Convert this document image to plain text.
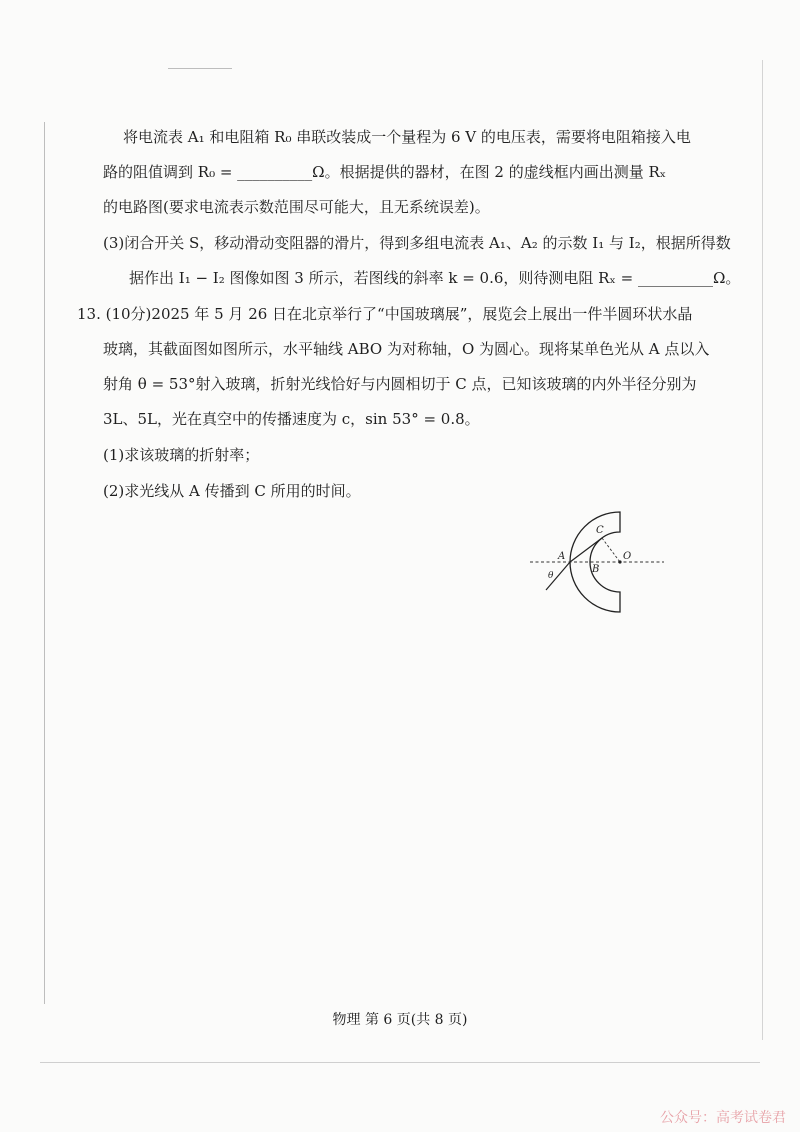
将电流表 A₁ 和电阻箱 R₀ 串联改装成一个量程为 6 V 的电压表，需要将电阻箱接入电
路的阻值调到 R₀ = __________Ω。根据提供的器材，在图 2 的虚线框内画出测量 Rₓ
的电路图(要求电流表示数范围尽可能大，且无系统误差)。
(3)闭合开关 S，移动滑动变阻器的滑片，得到多组电流表 A₁、A₂ 的示数 I₁ 与 I₂，根据所得数
据作出 I₁ − I₂ 图像如图 3 所示，若图线的斜率 k = 0.6，则待测电阻 Rₓ = __________Ω。
13. (10分)2025 年 5 月 26 日在北京举行了“中国玻璃展”，展览会上展出一件半圆环状水晶
玻璃，其截面图如图所示，水平轴线 ABO 为对称轴，O 为圆心。现将某单色光从 A 点以入
射角 θ = 53°射入玻璃，折射光线恰好与内圆相切于 C 点，已知该玻璃的内外半径分别为
3L、5L，光在真空中的传播速度为 c，sin 53° = 0.8。
(1)求该玻璃的折射率；
(2)求光线从 A 传播到 C 所用的时间。
A
θ
B
C
O
物理 第 6 页(共 8 页)
公众号：高考试卷君
